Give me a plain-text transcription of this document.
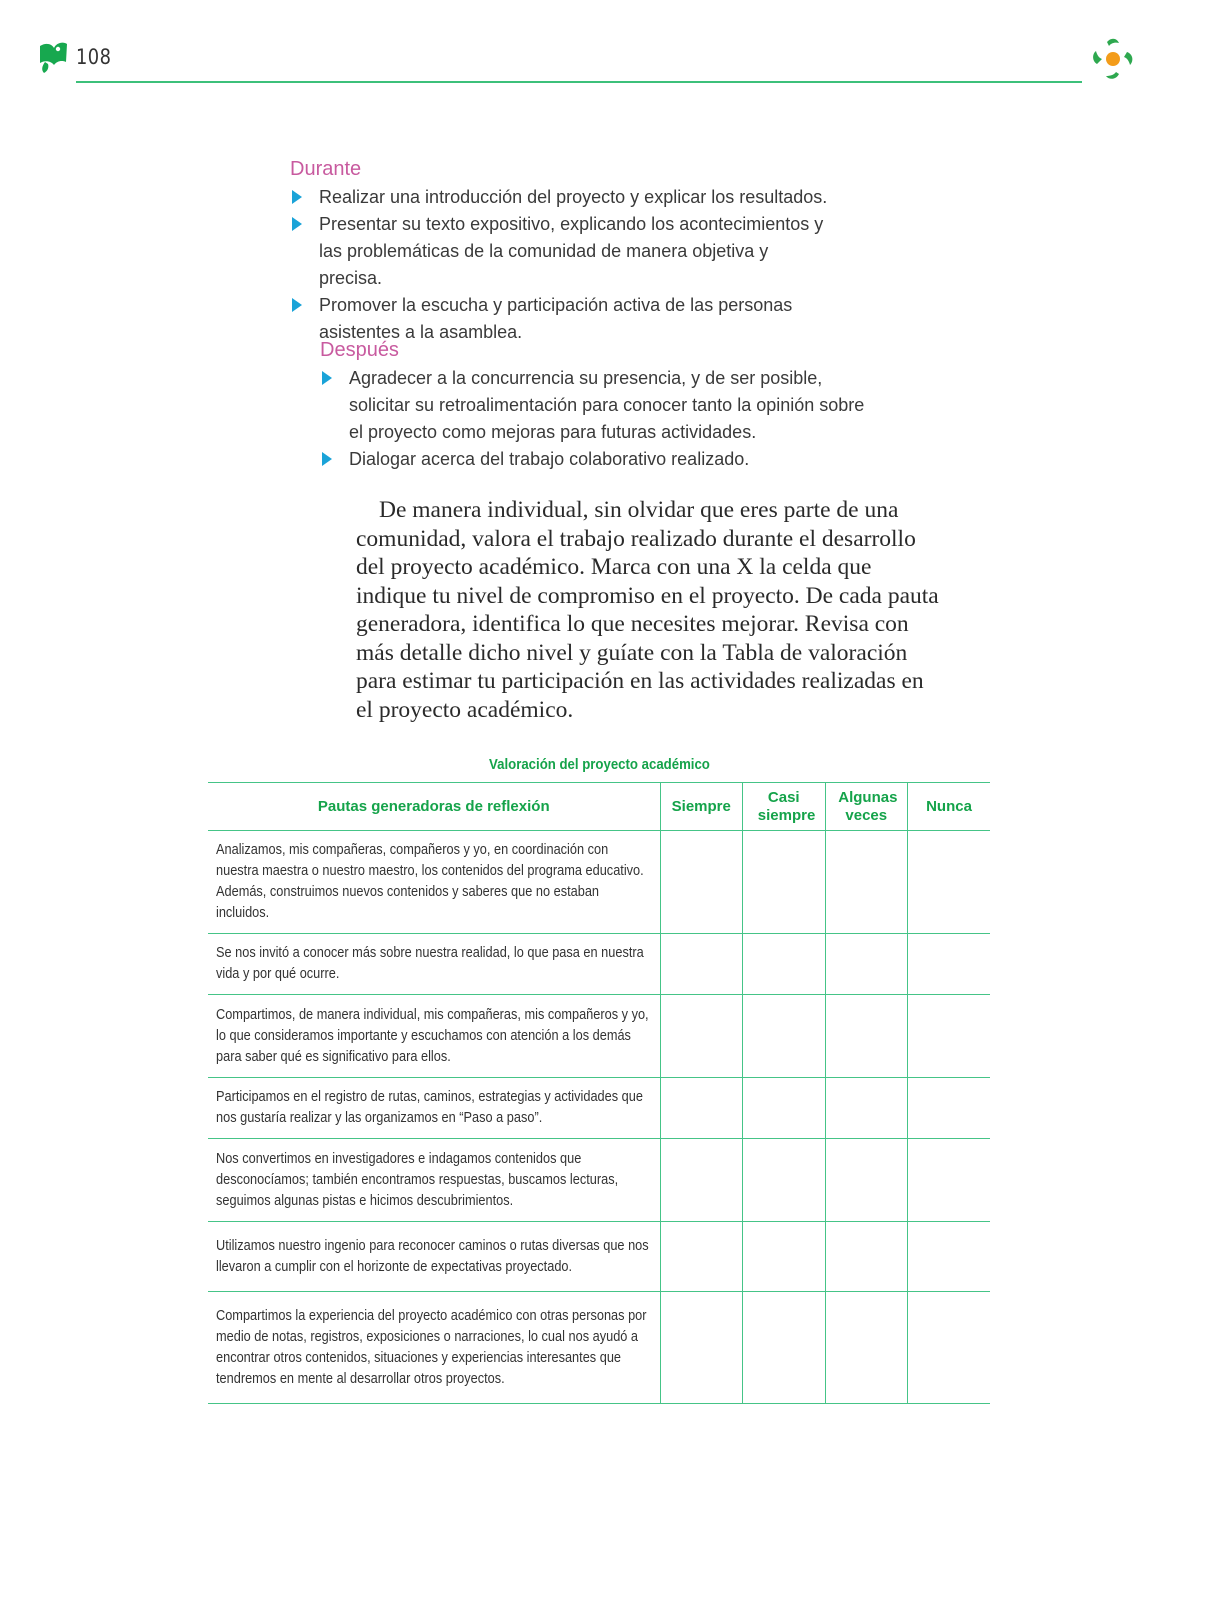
108
Durante
Realizar una introducción del proyecto y explicar los resultados.
Presentar su texto expositivo, explicando los acontecimientos y las problemáticas de la comunidad de manera objetiva y precisa.
Promover la escucha y participación activa de las personas asistentes a la asamblea.
Después
Agradecer a la concurrencia su presencia, y de ser posible, solicitar su retroalimentación para conocer tanto la opinión sobre el proyecto como mejoras para futuras actividades.
Dialogar acerca del trabajo colaborativo realizado.
De manera individual, sin olvidar que eres parte de una comunidad, valora el trabajo realizado durante el desarrollo del proyecto académico. Marca con una X la celda que indique tu nivel de compromiso en el proyecto. De cada pauta generadora, identifica lo que necesites mejorar. Revisa con más detalle dicho nivel y guíate con la Tabla de valoración para estimar tu participación en las actividades realizadas en el proyecto académico.
Valoración del proyecto académico
Pautas generadoras de reflexión	Siempre	Casi siempre	Algunas veces	Nunca
Analizamos, mis compañeras, compañeros y yo, en coordinación con nuestra maestra o nuestro maestro, los contenidos del programa educativo. Además, construimos nuevos contenidos y saberes que no estaban incluidos.				
Se nos invitó a conocer más sobre nuestra realidad, lo que pasa en nuestra vida y por qué ocurre.				
Compartimos, de manera individual, mis compañeras, mis compañeros y yo, lo que consideramos importante y escuchamos con atención a los demás para saber qué es significativo para ellos.				
Participamos en el registro de rutas, caminos, estrategias y actividades que nos gustaría realizar y las organizamos en “Paso a paso”.				
Nos convertimos en investigadores e indagamos contenidos que desconocíamos; también encontramos respuestas, buscamos lecturas, seguimos algunas pistas e hicimos descubrimientos.				
Utilizamos nuestro ingenio para reconocer caminos o rutas diversas que nos llevaron a cumplir con el horizonte de expectativas proyectado.				
Compartimos la experiencia del proyecto académico con otras personas por medio de notas, registros, exposiciones o narraciones, lo cual nos ayudó a encontrar otros contenidos, situaciones y experiencias interesantes que tendremos en mente al desarrollar otros proyectos.				
